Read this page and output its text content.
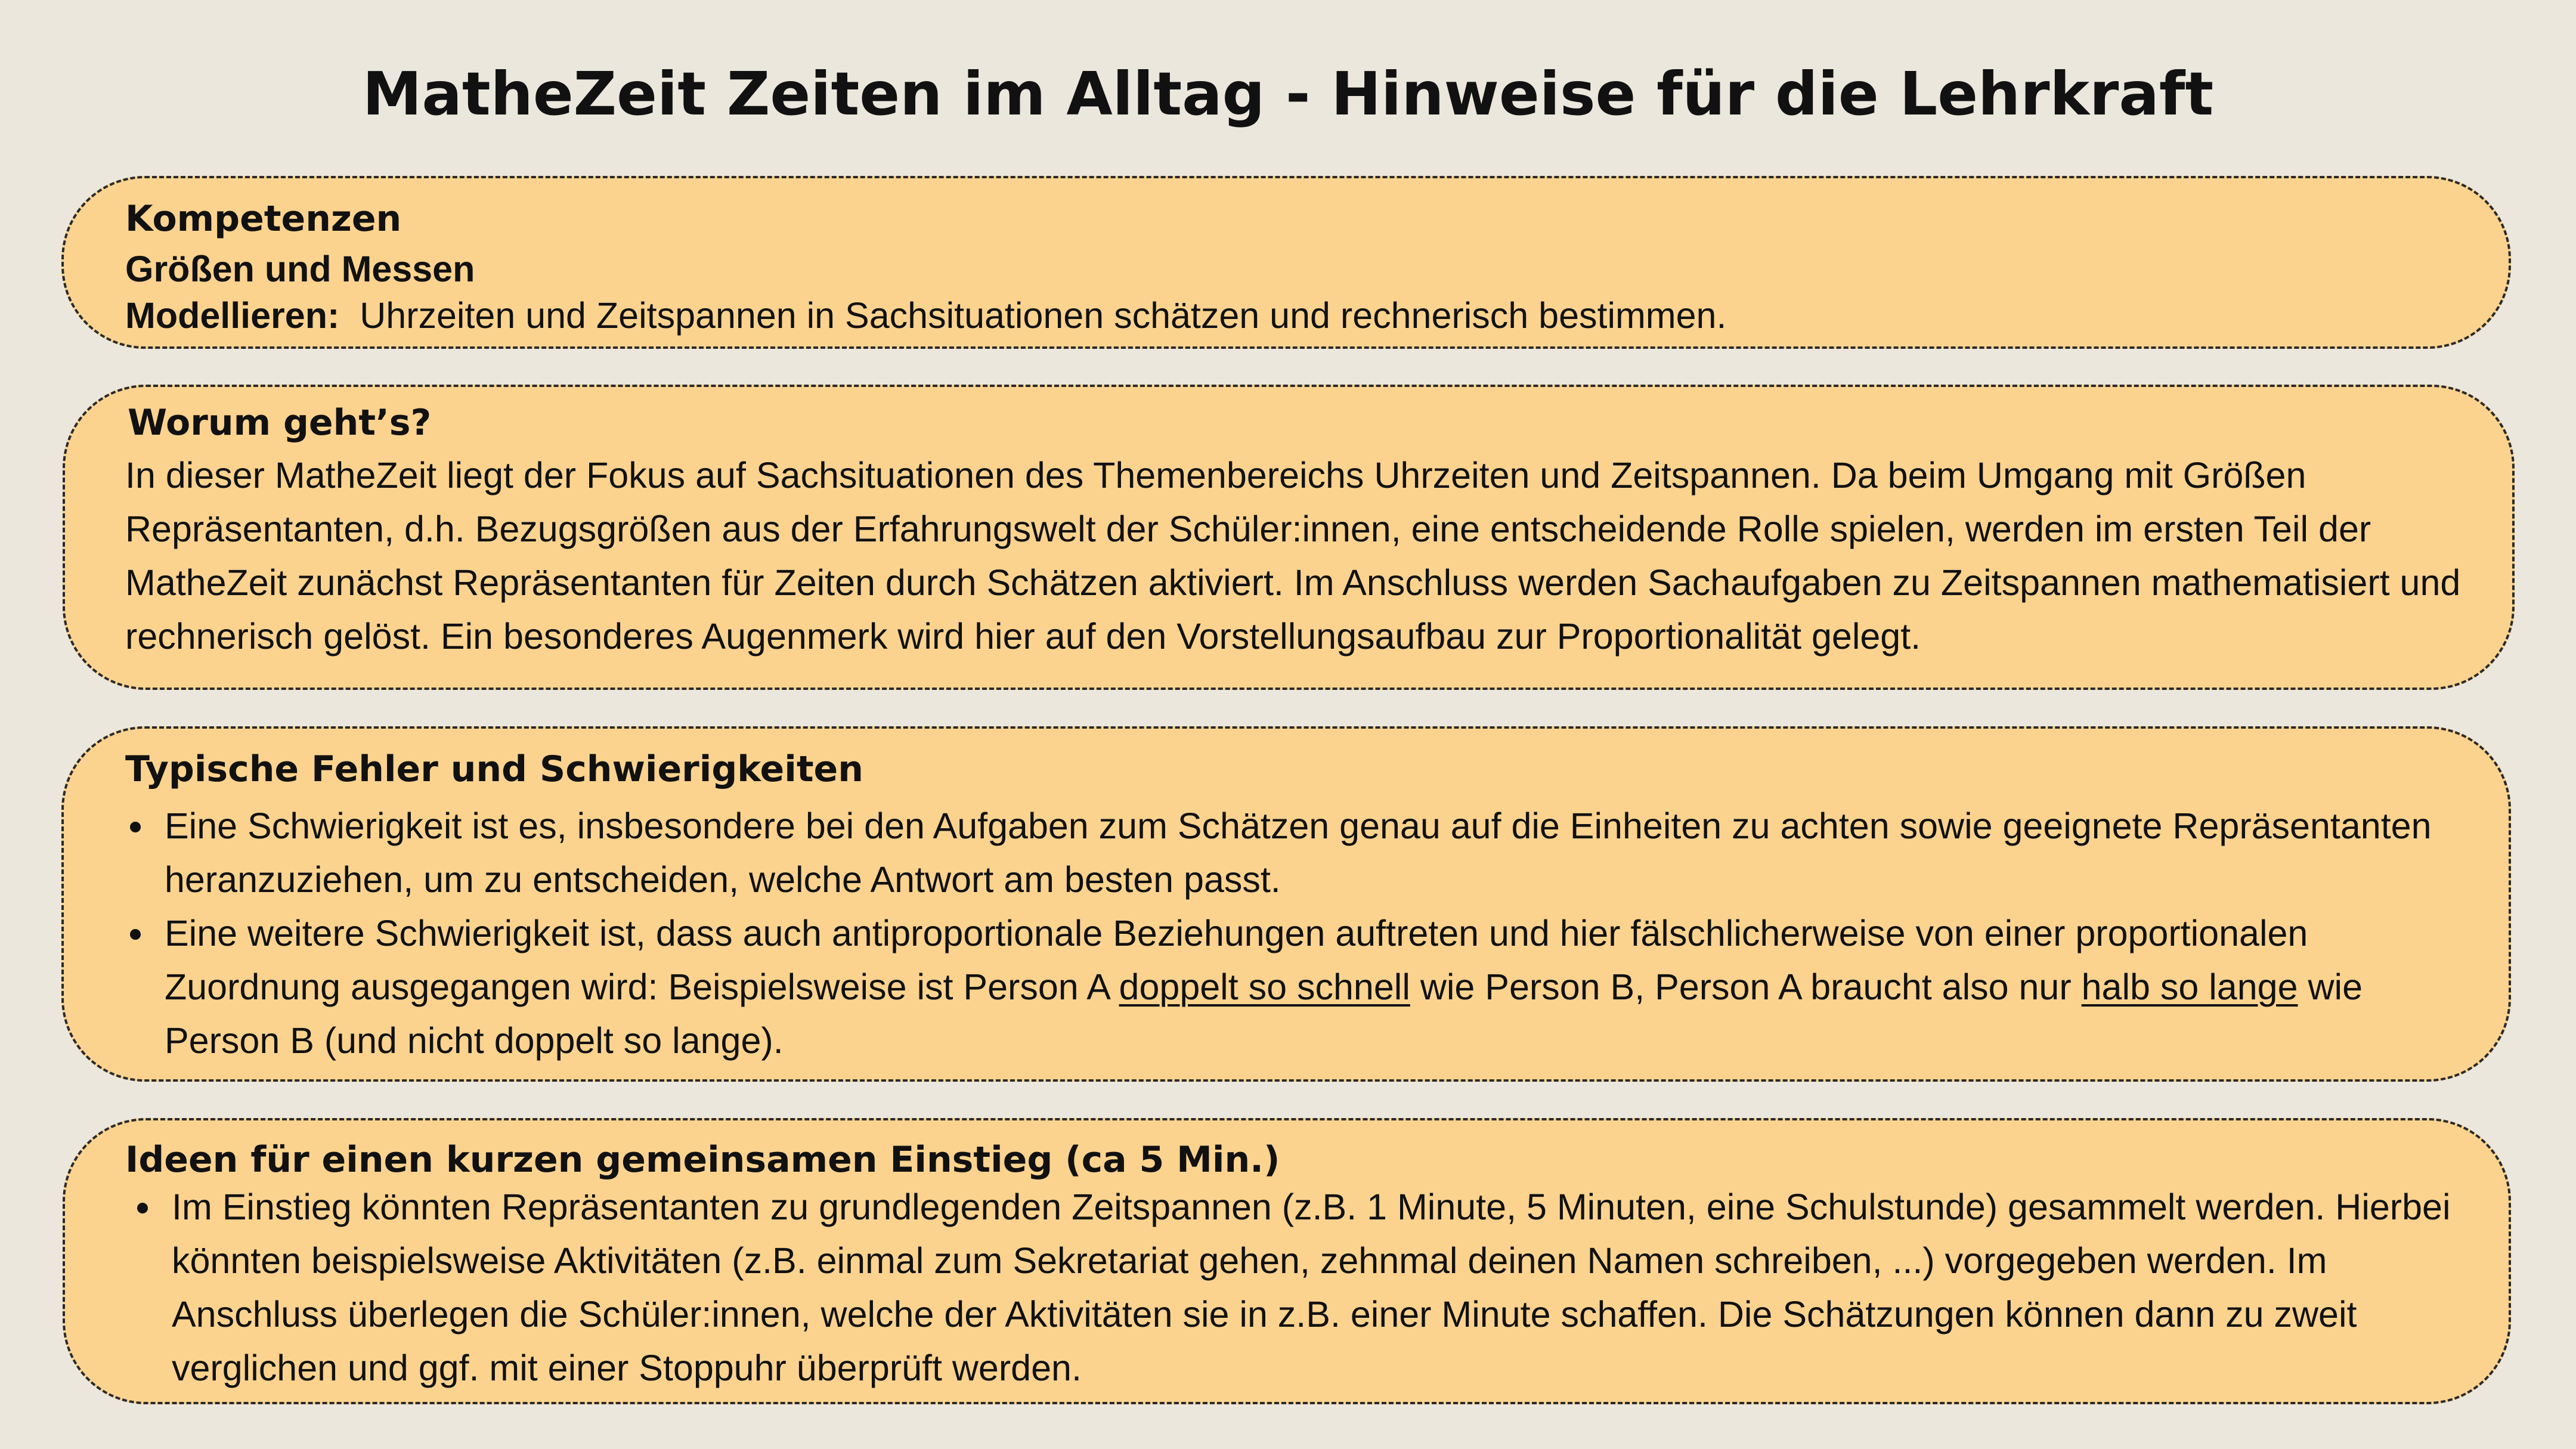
MatheZeit Zeiten im Alltag - Hinweise für die Lehrkraft
Kompetenzen
Größen und Messen
Modellieren: Uhrzeiten und Zeitspannen in Sachsituationen schätzen und rechnerisch bestimmen.
Worum geht’s?

In dieser MatheZeit liegt der Fokus auf Sachsituationen des Themenbereichs Uhrzeiten und Zeitspannen. Da beim Umgang mit Größen Repräsentanten, d.h. Bezugsgrößen aus der Erfahrungswelt der Schüler:innen, eine entscheidende Rolle spielen, werden im ersten Teil der MatheZeit zunächst Repräsentanten für Zeiten durch Schätzen aktiviert. Im Anschluss werden Sachaufgaben zu Zeitspannen mathematisiert und rechnerisch gelöst. Ein besonderes Augenmerk wird hier auf den Vorstellungsaufbau zur Proportionalität gelegt.

Typische Fehler und Schwierigkeiten
Eine Schwierigkeit ist es, insbesondere bei den Aufgaben zum Schätzen genau auf die Einheiten zu achten sowie geeignete Repräsentanten heranzuziehen, um zu entscheiden, welche Antwort am besten passt.
Eine weitere Schwierigkeit ist, dass auch antiproportionale Beziehungen auftreten und hier fälschlicherweise von einer proportionalen Zuordnung ausgegangen wird: Beispielsweise ist Person A doppelt so schnell wie Person B, Person A braucht also nur halb so lange wie Person B (und nicht doppelt so lange).
Ideen für einen kurzen gemeinsamen Einstieg (ca 5 Min.)
Im Einstieg könnten Repräsentanten zu grundlegenden Zeitspannen (z.B. 1 Minute, 5 Minuten, eine Schulstunde) gesammelt werden. Hierbei könnten beispielsweise Aktivitäten (z.B. einmal zum Sekretariat gehen, zehnmal deinen Namen schreiben, ...) vorgegeben werden. Im Anschluss überlegen die Schüler:innen, welche der Aktivitäten sie in z.B. einer Minute schaffen. Die Schätzungen können dann zu zweit verglichen und ggf. mit einer Stoppuhr überprüft werden.
